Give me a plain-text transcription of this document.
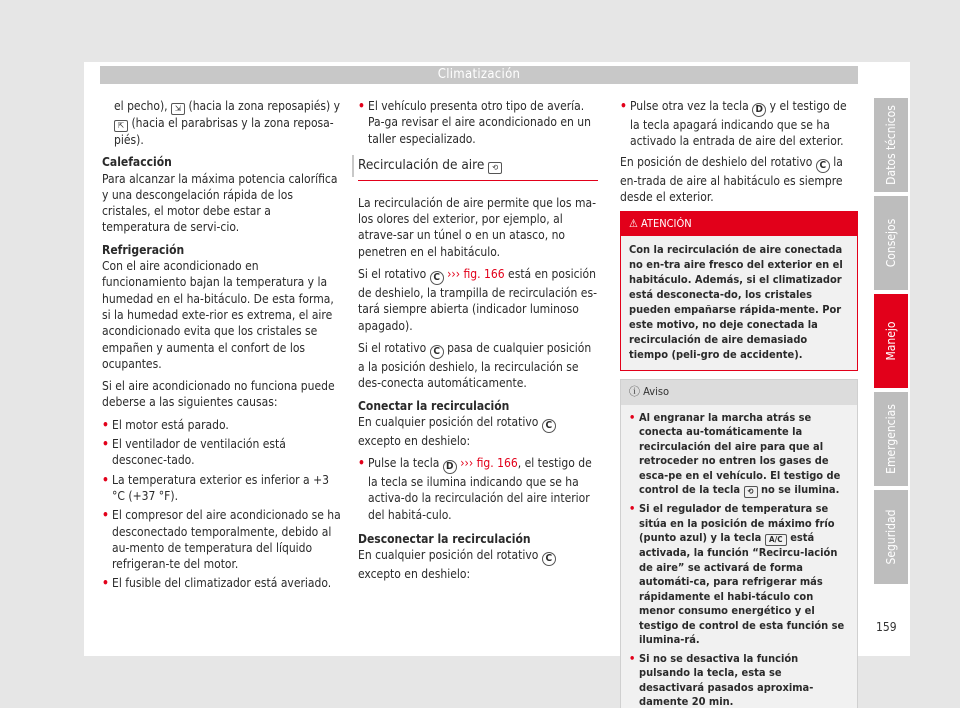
Climatización

el pecho), ⇲ (hacia la zona reposapiés) y ⇱ (hacia el parabrisas y la zona reposa-piés).

Calefacción

Para alcanzar la máxima potencia calorífica y una descongelación rápida de los cristales, el motor debe estar a temperatura de servi-cio.

Refrigeración

Con el aire acondicionado en funcionamiento bajan la temperatura y la humedad en el ha-bitáculo. De esta forma, si la humedad exte-rior es extrema, el aire acondicionado evita que los cristales se empañen y aumenta el confort de los ocupantes.

Si el aire acondicionado no funciona puede deberse a las siguientes causas:

• El motor está parado.
• El ventilador de ventilación está desconec-tado.
• La temperatura exterior es inferior a +3 °C (+37 °F).
• El compresor del aire acondicionado se ha desconectado temporalmente, debido al au-mento de temperatura del líquido refrigeran-te del motor.
• El fusible del climatizador está averiado.
• El vehículo presenta otro tipo de avería. Pa-ga revisar el aire acondicionado en un taller especializado.
Recirculación de aire ⟲

La recirculación de aire permite que los ma-los olores del exterior, por ejemplo, al atrave-sar un túnel o en un atasco, no penetren en el habitáculo.

Si el rotativo C ››› fig. 166 está en posición de deshielo, la trampilla de recirculación es-tará siempre abierta (indicador luminoso apagado).

Si el rotativo C pasa de cualquier posición a la posición deshielo, la recirculación se des-conecta automáticamente.

Conectar la recirculación

En cualquier posición del rotativo C excepto en deshielo:

• Pulse la tecla D ››› fig. 166, el testigo de la tecla se ilumina indicando que se ha activa-do la recirculación del aire interior del habitá-culo.

Desconectar la recirculación

En cualquier posición del rotativo C excepto en deshielo:

• Pulse otra vez la tecla D y el testigo de la tecla apagará indicando que se ha activado la entrada de aire del exterior.

En posición de deshielo del rotativo C la en-trada de aire al habitáculo es siempre desde el exterior.

⚠ ATENCIÓN
Con la recirculación de aire conectada no en-tra aire fresco del exterior en el habitáculo. Además, si el climatizador está desconecta-do, los cristales pueden empañarse rápida-mente. Por este motivo, no deje conectada la recirculación de aire demasiado tiempo (peli-gro de accidente).
ⓘ Aviso
• Al engranar la marcha atrás se conecta au-tomáticamente la recirculación del aire para que al retroceder no entren los gases de esca-pe en el vehículo. El testigo de control de la tecla ⟲ no se ilumina.
• Si el regulador de temperatura se sitúa en la posición de máximo frío (punto azul) y la tecla A/C está activada, la función “Recircu-lación de aire” se activará de forma automáti-ca, para refrigerar más rápidamente el habi-táculo con menor consumo energético y el testigo de control de esta función se ilumina-rá.
• Si no se desactiva la función pulsando la tecla, esta se desactivará pasados aproxima-damente 20 min.
Datos técnicos
Consejos
Manejo
Emergencias
Seguridad
159
